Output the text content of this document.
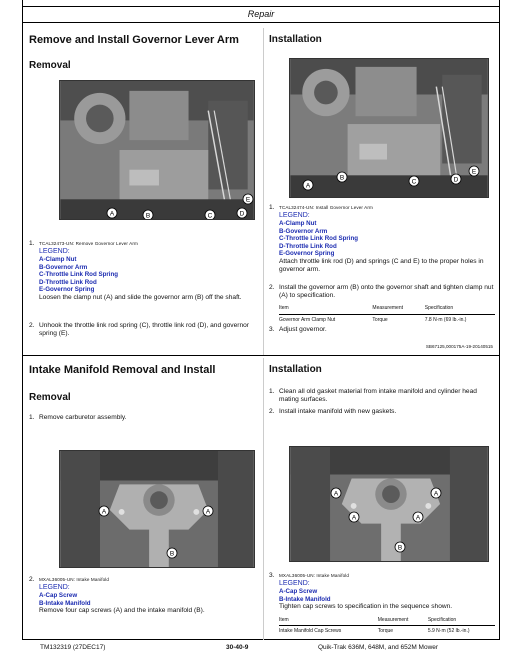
Repair
Remove and Install Governor Lever Arm
Removal
A	B	C	D
E
1. TCAL32473-UN: Remove Governor Lever Arm
LEGEND:
A-Clamp Nut
B-Governor Arm
C-Throttle Link Rod Spring
D-Throttle Link Rod
E-Governor Spring
Loosen the clamp nut (A) and slide the governor arm (B) off the shaft.
2. Unhook the throttle link rod spring (C), throttle link rod (D), and governor spring (E).
Installation
A
B
C	D
E
1. TCAL32474-UN: Install Governor Lever Arm
LEGEND:
A-Clamp Nut
B-Governor Arm
C-Throttle Link Rod Spring
D-Throttle Link Rod
E-Governor Spring
Attach throttle link rod (D) and springs (C and E) to the proper holes in governor arm.
2. Install the governor arm (B) onto the governor shaft and tighten clamp nut (A) to specification.
Item	Measurement	Specification
Governor Arm Clamp Nut	Torque	7.8 N·m (69 lb.-in.)
3. Adjust governor.
SB67125,000175A-19-20140515
Intake Manifold Removal and Install
Removal
1. Remove carburetor assembly.
A	A
B
2. MXAL36005-UN: Intake Manifold
LEGEND:
A-Cap Screw
B-Intake Manifold
Remove four cap screws (A) and the intake manifold (B).
Installation
1. Clean all old gasket material from intake manifold and cylinder head mating surfaces.
2. Install intake manifold with new gaskets.
A
A
A
A
B
3. MXAL36005-UN: Intake Manifold
LEGEND:
A-Cap Screw
B-Intake Manifold
Tighten cap screws to specification in the sequence shown.
Item	Measurement	Specification
Intake Manifold Cap Screws	Torque	5.9 N·m (52 lb.-in.)
TM132319 (27DEC17)	30-40-9	Quik-Trak 636M, 648M, and 652M Mower
